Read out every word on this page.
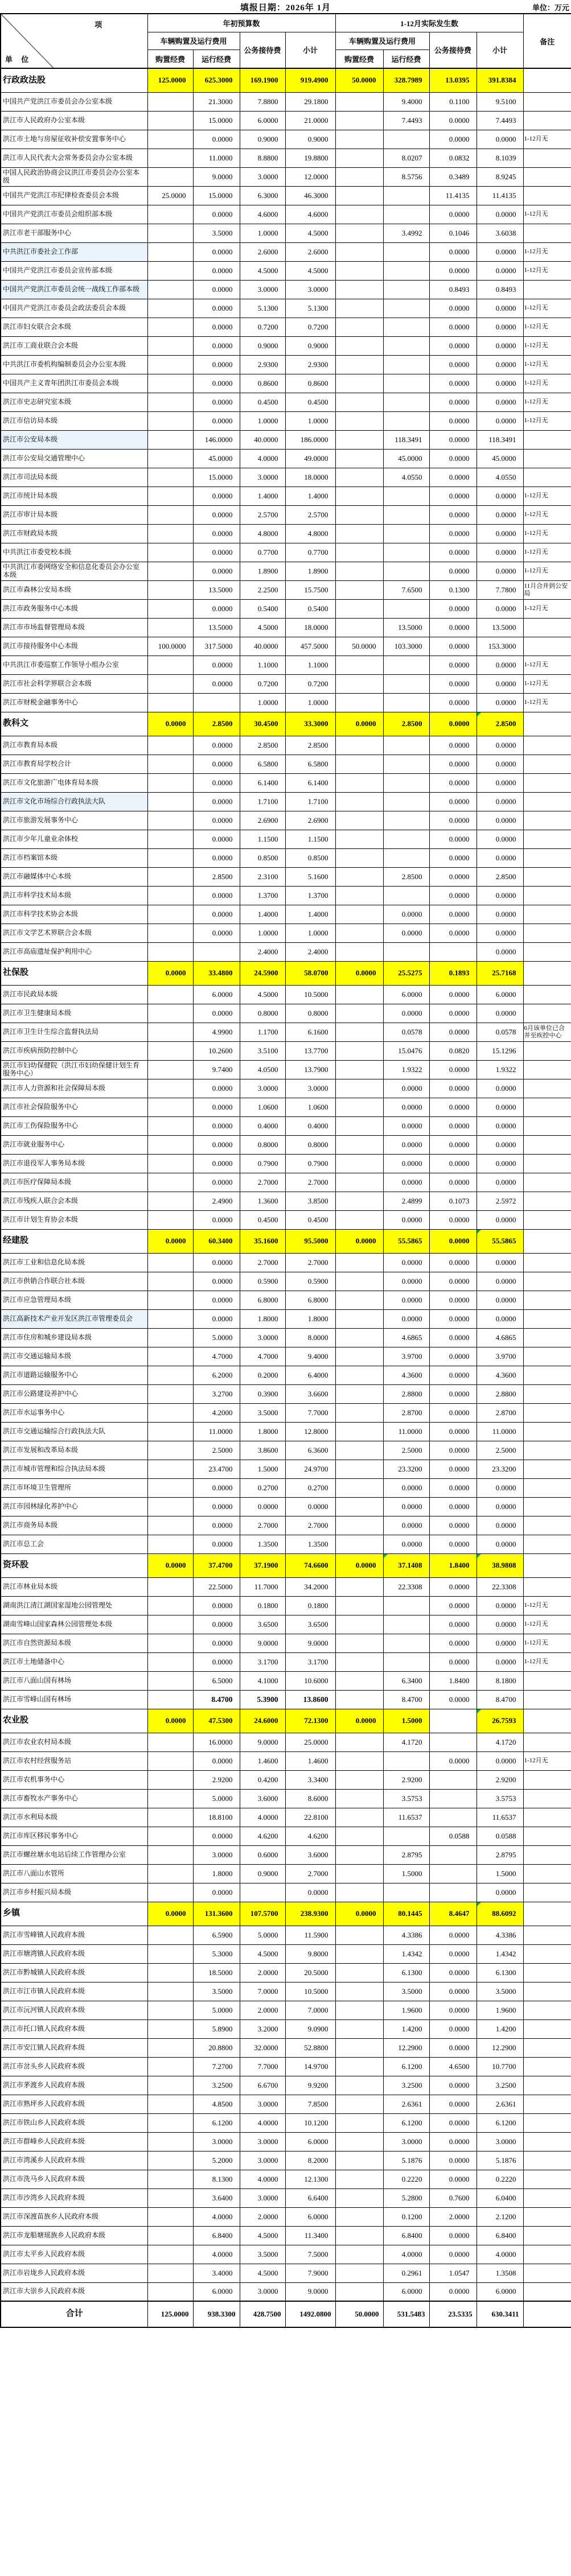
填报日期：2026年 1月	单位：万元
项
单 位	年初预算数				1-12月实际发生数				备注
	车辆购置及运行费用		公务接待费	小计	车辆购置及运行费用		公务接待费	小计	
	购置经费	运行经费			购置经费	运行经费			
行政政法股	125.0000	625.3000	169.1900	919.4900	50.0000	328.7989	13.0395	391.8384	
中国共产党洪江市委员会办公室本级		21.3000	7.8800	29.1800		9.4000	0.1100	9.5100	
洪江市人民政府办公室本级		15.0000	6.0000	21.0000		7.4493	0.0000	7.4493	
洪江市土地与房屋征收补偿安置事务中心		0.0000	0.9000	0.9000			0.0000	0.0000	1-12月无
洪江市人民代表大会常务委员会办公室本级		11.0000	8.8800	19.8800		8.0207	0.0832	8.1039	
中国人民政治协商会议洪江市委员会办公室本级		9.0000	3.0000	12.0000		8.5756	0.3489	8.9245	
中国共产党洪江市纪律检查委员会本级	25.0000	15.0000	6.3000	46.3000			11.4135	11.4135	
中国共产党洪江市委员会组织部本级		0.0000	4.6000	4.6000			0.0000	0.0000	1-12月无
洪江市老干部服务中心		3.5000	1.0000	4.5000		3.4992	0.1046	3.6038	
中共洪江市委社会工作部		0.0000	2.6000	2.6000			0.0000	0.0000	1-12月无
中国共产党洪江市委员会宣传部本级		0.0000	4.5000	4.5000			0.0000	0.0000	1-12月无
中国共产党洪江市委员会统一战线工作部本级		0.0000	3.0000	3.0000			0.8493	0.8493	
中国共产党洪江市委员会政法委员会本级		0.0000	5.1300	5.1300			0.0000	0.0000	1-12月无
洪江市妇女联合会本级		0.0000	0.7200	0.7200			0.0000	0.0000	1-12月无
洪江市工商业联合会本级		0.0000	0.9000	0.9000			0.0000	0.0000	1-12月无
中共洪江市委机构编制委员会办公室本级		0.0000	2.9300	2.9300			0.0000	0.0000	1-12月无
中国共产主义青年团洪江市委员会本级		0.0000	0.8600	0.8600			0.0000	0.0000	1-12月无
洪江市史志研究室本级		0.0000	0.4500	0.4500			0.0000	0.0000	1-12月无
洪江市信访局本级		0.0000	1.0000	1.0000			0.0000	0.0000	1-12月无
洪江市公安局本级		146.0000	40.0000	186.0000		118.3491	0.0000	118.3491	
洪江市公安局交通管理中心		45.0000	4.0000	49.0000		45.0000	0.0000	45.0000	
洪江市司法局本级		15.0000	3.0000	18.0000		4.0550	0.0000	4.0550	
洪江市统计局本级		0.0000	1.4000	1.4000			0.0000	0.0000	1-12月无
洪江市审计局本级		0.0000	2.5700	2.5700			0.0000	0.0000	1-12月无
洪江市财政局本级		0.0000	4.8000	4.8000			0.0000	0.0000	1-12月无
中共洪江市委党校本级		0.0000	0.7700	0.7700			0.0000	0.0000	1-12月无
中共洪江市委网络安全和信息化委员会办公室本级		0.0000	1.8900	1.8900			0.0000	0.0000	1-12月无
洪江市森林公安局本级		13.5000	2.2500	15.7500		7.6500	0.1300	7.7800	11月合并到公安局
洪江市政务服务中心本级		0.0000	0.5400	0.5400			0.0000	0.0000	1-12月无
洪江市市场监督管理局本级		13.5000	4.5000	18.0000		13.5000	0.0000	13.5000	
洪江市接待服务中心本级	100.0000	317.5000	40.0000	457.5000	50.0000	103.3000	0.0000	153.3000	
中共洪江市委巡察工作领导小组办公室		0.0000	1.1000	1.1000			0.0000	0.0000	1-12月无
洪江市社会科学界联合会本级		0.0000	0.7200	0.7200			0.0000	0.0000	1-12月无
洪江市财税金融事务中心			1.0000	1.0000			0.0000	0.0000	1-12月无
教科文	0.0000	2.8500	30.4500	33.3000	0.0000	2.8500	0.0000	2.8500	
洪江市教育局本级		0.0000	2.8500	2.8500			0.0000	0.0000	
洪江市教育局学校合计		0.0000	6.5800	6.5800			0.0000	0.0000	
洪江市文化旅游广电体育局本级		0.0000	6.1400	6.1400			0.0000	0.0000	
洪江市文化市场综合行政执法大队		0.0000	1.7100	1.7100			0.0000	0.0000	
洪江市旅游发展事务中心		0.0000	2.6900	2.6900			0.0000	0.0000	
洪江市少年儿童业余体校		0.0000	1.1500	1.1500			0.0000	0.0000	
洪江市档案馆本级		0.0000	0.8500	0.8500			0.0000	0.0000	
洪江市融媒体中心本级		2.8500	2.3100	5.1600		2.8500	0.0000	2.8500	
洪江市科学技术局本级		0.0000	1.3700	1.3700			0.0000	0.0000	
洪江市科学技术协会本级		0.0000	1.4000	1.4000		0.0000	0.0000	0.0000	
洪江市文学艺术界联合会本级		0.0000	1.0000	1.0000		0.0000	0.0000	0.0000	
洪江市高庙遗址保护利用中心			2.4000	2.4000				0.0000	
社保股	0.0000	33.4800	24.5900	58.0700	0.0000	25.5275	0.1893	25.7168	
洪江市民政局本级		6.0000	4.5000	10.5000		6.0000	0.0000	6.0000	
洪江市卫生健康局本级		0.0000	0.8000	0.8000		0.0000	0.0000	0.0000	
洪江市卫生计生综合监督执法局		4.9900	1.1700	6.1600		0.0578	0.0000	0.0578	6月该单位已合并至疾控中心
洪江市疾病预防控制中心		10.2600	3.5100	13.7700		15.0476	0.0820	15.1296	
洪江市妇幼保健院（洪江市妇幼保健计划生育服务中心）		9.7400	4.0500	13.7900		1.9322	0.0000	1.9322	
洪江市人力资源和社会保障局本级		0.0000	3.0000	3.0000		0.0000	0.0000	0.0000	
洪江市社会保险服务中心		0.0000	1.0600	1.0600		0.0000	0.0000	0.0000	
洪江市工伤保险服务中心		0.0000	0.4000	0.4000		0.0000	0.0000	0.0000	
洪江市就业服务中心		0.0000	0.8000	0.8000		0.0000	0.0000	0.0000	
洪江市退役军人事务局本级		0.0000	0.7900	0.7900		0.0000	0.0000	0.0000	
洪江市医疗保障局本级		0.0000	2.7000	2.7000		0.0000	0.0000	0.0000	
洪江市残疾人联合会本级		2.4900	1.3600	3.8500		2.4899	0.1073	2.5972	
洪江市计划生育协会本级		0.0000	0.4500	0.4500		0.0000	0.0000	0.0000	
经建股	0.0000	60.3400	35.1600	95.5000	0.0000	55.5865	0.0000	55.5865	
洪江市工业和信息化局本级		0.0000	2.7000	2.7000		0.0000	0.0000	0.0000	
洪江市供销合作联合社本级		0.0000	0.5900	0.5900		0.0000	0.0000	0.0000	
洪江市应急管理局本级		0.0000	6.8000	6.8000		0.0000	0.0000	0.0000	
洪江高新技术产业开发区洪江市管理委员会		0.0000	1.8000	1.8000		0.0000	0.0000	0.0000	
洪江市住房和城乡建设局本级		5.0000	3.0000	8.0000		4.6865	0.0000	4.6865	
洪江市交通运输局本级		4.7000	4.7000	9.4000		3.9700	0.0000	3.9700	
洪江市道路运输服务中心		6.2000	0.2000	6.4000		4.3600	0.0000	4.3600	
洪江市公路建设养护中心		3.2700	0.3900	3.6600		2.8800	0.0000	2.8800	
洪江市水运事务中心		4.2000	3.5000	7.7000		2.8700	0.0000	2.8700	
洪江市交通运输综合行政执法大队		11.0000	1.8000	12.8000		11.0000	0.0000	11.0000	
洪江市发展和改革局本级		2.5000	3.8600	6.3600		2.5000	0.0000	2.5000	
洪江市城市管理和综合执法局本级		23.4700	1.5000	24.9700		23.3200	0.0000	23.3200	
洪江市环境卫生管理所		0.0000	0.2700	0.2700		0.0000	0.0000	0.0000	
洪江市园林绿化养护中心		0.0000	0.0000	0.0000		0.0000	0.0000	0.0000	
洪江市商务局本级		0.0000	2.7000	2.7000		0.0000	0.0000	0.0000	
洪江市总工会		0.0000	1.3500	1.3500		0.0000	0.0000	0.0000	
资环股	0.0000	37.4700	37.1900	74.6600	0.0000	37.1408	1.8400	38.9808	
洪江市林业局本级		22.5000	11.7000	34.2000		22.3308	0.0000	22.3308	
湖南洪江清江湖国家湿地公园管理处		0.0000	0.1800	0.1800			0.0000	0.0000	1-12月无
湖南雪峰山国家森林公园管理处本级		0.0000	3.6500	3.6500			0.0000	0.0000	1-12月无
洪江市自然资源局本级		0.0000	9.0000	9.0000			0.0000	0.0000	1-12月无
洪江市土地储备中心		0.0000	3.1700	3.1700			0.0000	0.0000	1-12月无
洪江市八面山国有林场		6.5000	4.1000	10.6000		6.3400	1.8400	8.1800	
洪江市雪峰山国有林场		8.4700	5.3900	13.8600		8.4700	0.0000	8.4700	
农业股	0.0000	47.5300	24.6000	72.1300	0.0000	1.5000		26.7593	
洪江市农业农村局本级		16.0000	9.0000	25.0000		4.1720		4.1720	
洪江市农村经营服务站		0.0000	1.4600	1.4600			0.0000	0.0000	1-12月无
洪江市农机事务中心		2.9200	0.4200	3.3400		2.9200		2.9200	
洪江市畜牧水产事务中心		5.0000	3.6000	8.6000		3.5753		3.5753	
洪江市水利局本级		18.8100	4.0000	22.8100		11.6537		11.6537	
洪江市库区移民事务中心		0.0000	4.6200	4.6200			0.0588	0.0588	
洪江市螺丝塘水电站后续工作管理办公室		3.0000	0.6000	3.6000		2.8795		2.8795	
洪江市八面山水管所		1.8000	0.9000	2.7000		1.5000		1.5000	
洪江市乡村振兴局本级		0.0000		0.0000				0.0000	
乡镇	0.0000	131.3600	107.5700	238.9300	0.0000	80.1445	8.4647	88.6092	
洪江市雪峰镇人民政府本级		6.5900	5.0000	11.5900		4.3386	0.0000	4.3386	
洪江市塘湾镇人民政府本级		5.3000	4.5000	9.8000		1.4342	0.0000	1.4342	
洪江市黔城镇人民政府本级		18.5000	2.0000	20.5000		6.1300	0.0000	6.1300	
洪江市江市镇人民政府本级		3.5000	7.0000	10.5000		3.5000	0.0000	3.5000	
洪江市沅河镇人民政府本级		5.0000	2.0000	7.0000		1.9600	0.0000	1.9600	
洪江市托口镇人民政府本级		5.8900	3.2000	9.0900		1.4200	0.0000	1.4200	
洪江市安江镇人民政府本级		20.8800	32.0000	52.8800		12.2900	0.0000	12.2900	
洪江市岔头乡人民政府本级		7.2700	7.7000	14.9700		6.1200	4.6500	10.7700	
洪江市茅渡乡人民政府本级		3.2500	6.6700	9.9200		3.2500	0.0000	3.2500	
洪江市熟坪乡人民政府本级		4.8500	3.0000	7.8500		2.6361	0.0000	2.6361	
洪江市铁山乡人民政府本级		6.1200	4.0000	10.1200		6.1200	0.0000	6.1200	
洪江市群峰乡人民政府本级		3.0000	3.0000	6.0000		3.0000	0.0000	3.0000	
洪江市湾溪乡人民政府本级		5.2000	3.0000	8.2000		5.1876	0.0000	5.1876	
洪江市洗马乡人民政府本级		8.1300	4.0000	12.1300		0.2220	0.0000	0.2220	
洪江市沙湾乡人民政府本级		3.6400	3.0000	6.6400		5.2800	0.7600	6.0400	
洪江市深渡苗族乡人民政府本级		4.0000	2.0000	6.0000		0.1200	2.0000	2.1200	
洪江市龙船塘瑶族乡人民政府本级		6.8400	4.5000	11.3400		6.8400	0.0000	6.8400	
洪江市太平乡人民政府本级		4.0000	3.5000	7.5000		4.0000	0.0000	4.0000	
洪江市岩垅乡人民政府本级		3.4000	4.5000	7.9000		0.2961	1.0547	1.3508	
洪江市大崇乡人民政府本级		6.0000	3.0000	9.0000		6.0000	0.0000	6.0000	
合计	125.0000	938.3300	428.7500	1492.0800	50.0000	531.5483	23.5335	630.3411	
